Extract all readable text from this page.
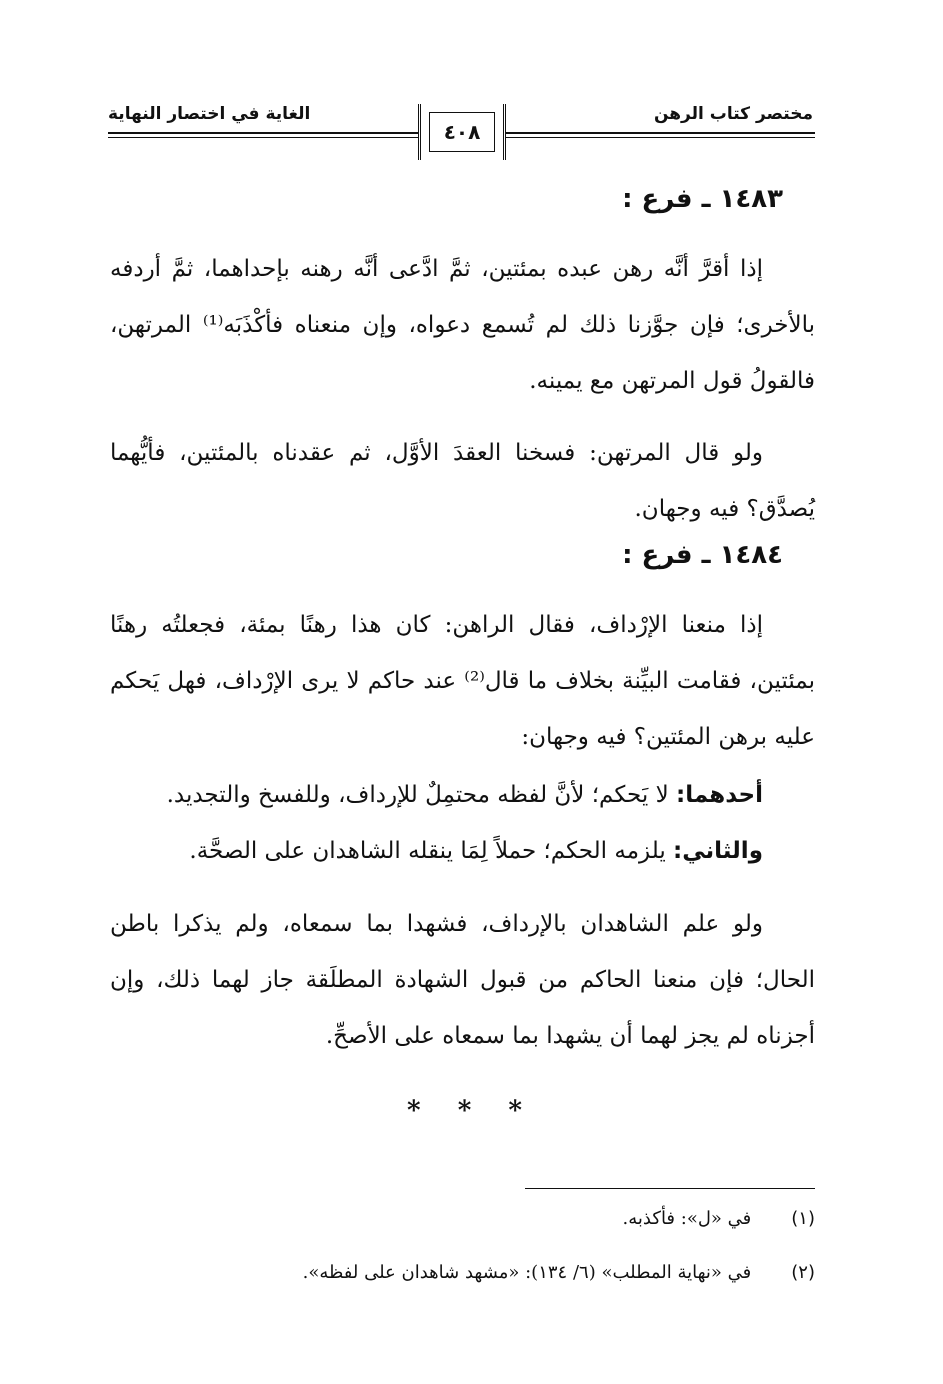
مختصر كتاب الرهن
الغاية في اختصار النهاية
٤٠٨
١٤٨٣ ـ فرع :
إذا أقرَّ أنَّه رهن عبده بمئتين، ثمَّ ادَّعى أنَّه رهنه بإحداهما، ثمَّ أردفه بالأخرى؛ فإن جوَّزنا ذلك لم تُسمع دعواه، وإن منعناه فأكْذَبَه⁽¹⁾ المرتهن، فالقولُ قول المرتهن مع يمينه.
ولو قال المرتهن: فسخنا العقدَ الأوَّل، ثم عقدناه بالمئتين، فأيُّهما يُصدَّق؟ فيه وجهان.
١٤٨٤ ـ فرع :
إذا منعنا الإرْداف، فقال الراهن: كان هذا رهنًا بمئة، فجعلتُه رهنًا بمئتين، فقامت البيِّنة بخلاف ما قال⁽²⁾ عند حاكم لا يرى الإرْداف، فهل يَحكم عليه برهن المئتين؟ فيه وجهان:
أحدهما: لا يَحكم؛ لأنَّ لفظه محتمِلٌ للإرداف، وللفسخ والتجديد.
والثاني: يلزمه الحكم؛ حملاً لِمَا ينقله الشاهدان على الصحَّة.
ولو علم الشاهدان بالإرداف، فشهدا بما سمعاه، ولم يذكرا باطن الحال؛ فإن منعنا الحاكم من قبول الشهادة المطلَقة جاز لهما ذلك، وإن أجزناه لم يجز لهما أن يشهدا بما سمعاه على الأصحِّ.
* * *
(١) في «ل»: فأكذبه.
(٢) في «نهاية المطلب» (٦/ ١٣٤): «مشهد شاهدان على لفظه».
